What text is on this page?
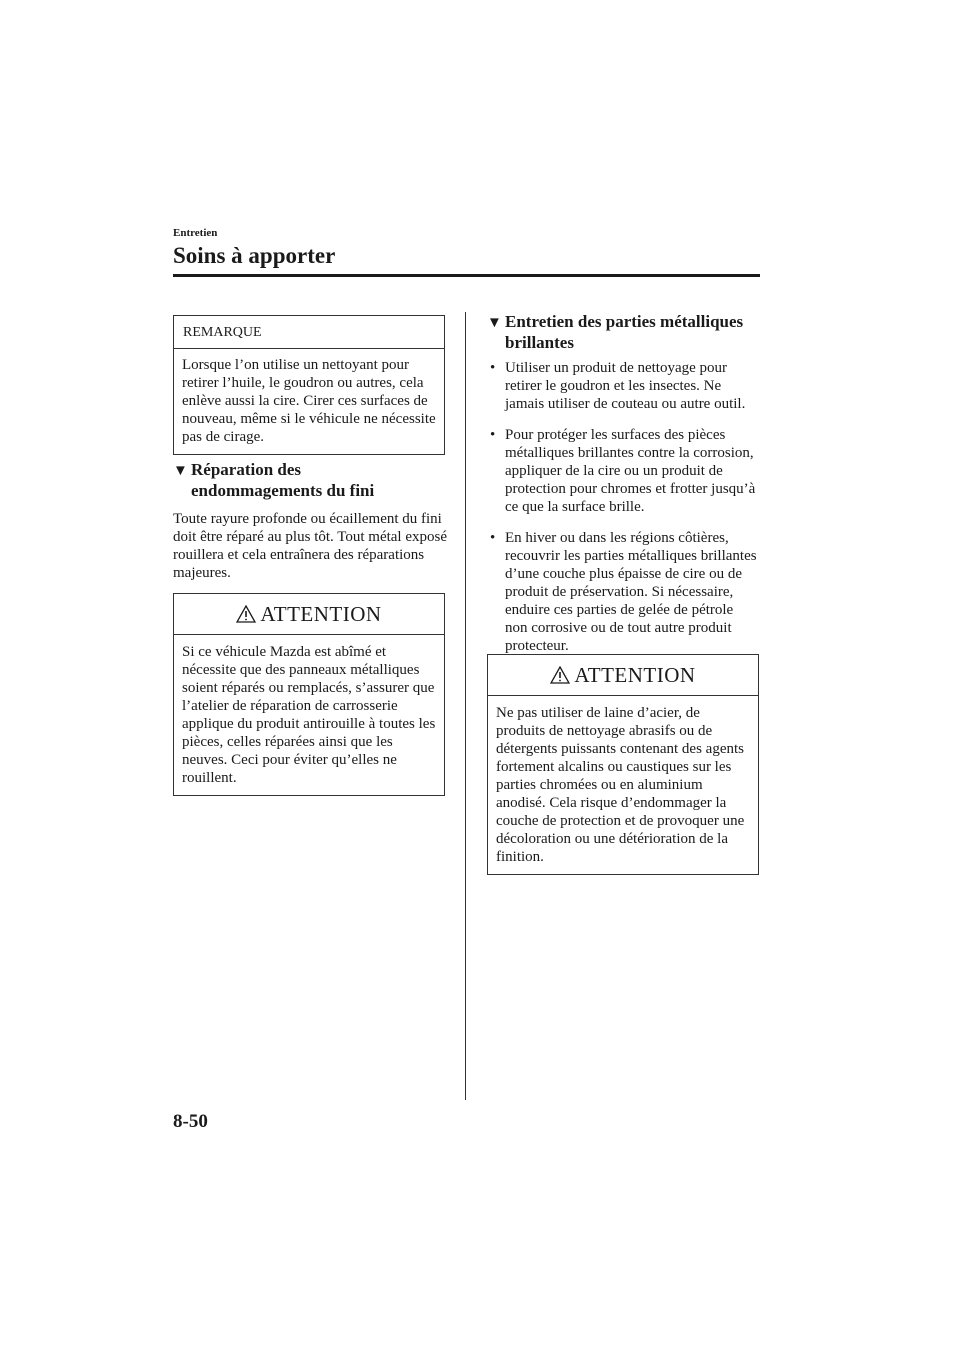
Entretien
Soins à apporter
REMARQUE
Lorsque l’on utilise un nettoyant pour retirer l’huile, le goudron ou autres, cela enlève aussi la cire. Cirer ces surfaces de nouveau, même si le véhicule ne nécessite pas de cirage.
▼ Réparation des
endommagements du fini
Toute rayure profonde ou écaillement du fini doit être réparé au plus tôt. Tout métal exposé rouillera et cela entraînera des réparations majeures.
ATTENTION
Si ce véhicule Mazda est abîmé et nécessite que des panneaux métalliques soient réparés ou remplacés, s’assurer que l’atelier de réparation de carrosserie applique du produit antirouille à toutes les pièces, celles réparées ainsi que les neuves. Ceci pour éviter qu’elles ne rouillent.
▼ Entretien des parties métalliques
brillantes
• Utiliser un produit de nettoyage pour retirer le goudron et les insectes. Ne jamais utiliser de couteau ou autre outil.
• Pour protéger les surfaces des pièces métalliques brillantes contre la corrosion, appliquer de la cire ou un produit de protection pour chromes et frotter jusqu’à ce que la surface brille.
• En hiver ou dans les régions côtières, recouvrir les parties métalliques brillantes d’une couche plus épaisse de cire ou de produit de préservation. Si nécessaire, enduire ces parties de gelée de pétrole non corrosive ou de tout autre produit protecteur.
ATTENTION
Ne pas utiliser de laine d’acier, de produits de nettoyage abrasifs ou de détergents puissants contenant des agents fortement alcalins ou caustiques sur les parties chromées ou en aluminium anodisé. Cela risque d’endommager la couche de protection et de provoquer une décoloration ou une détérioration de la finition.
8-50
